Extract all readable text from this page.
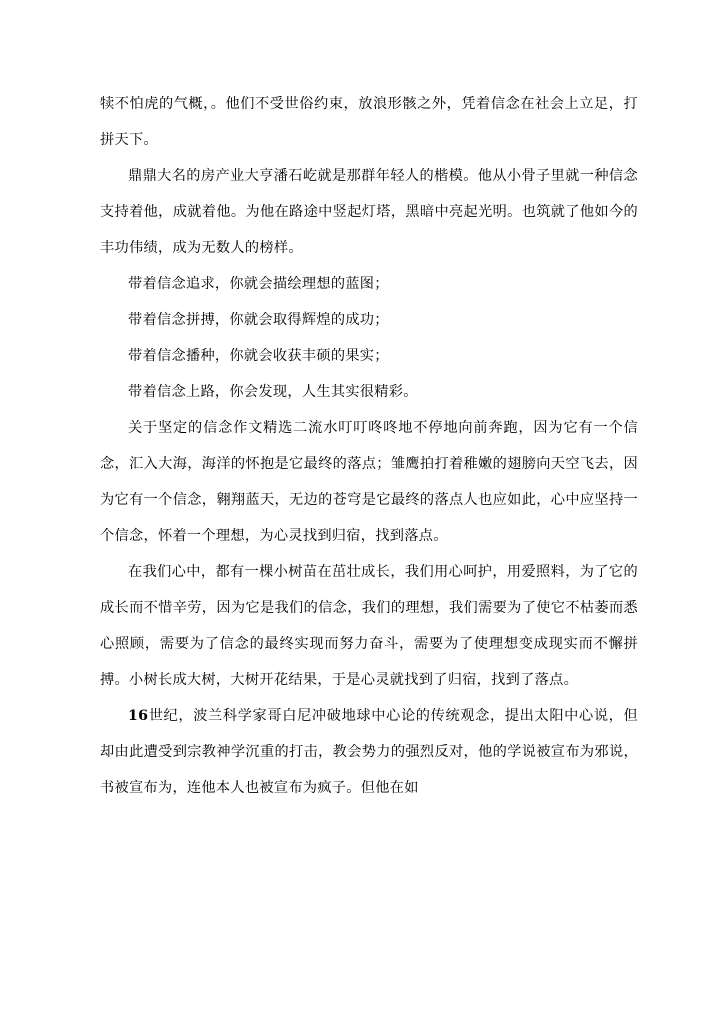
犊不怕虎的气概，。他们不受世俗约束，放浪形骸之外，凭着信念在社会上立足，打拼天下。

鼎鼎大名的房产业大亨潘石屹就是那群年轻人的楷模。他从小骨子里就一种信念支持着他，成就着他。为他在路途中竖起灯塔，黑暗中亮起光明。也筑就了他如今的丰功伟绩，成为无数人的榜样。

带着信念追求，你就会描绘理想的蓝图；

带着信念拼搏，你就会取得辉煌的成功；

带着信念播种，你就会收获丰硕的果实；

带着信念上路，你会发现，人生其实很精彩。

关于坚定的信念作文精选二流水叮叮咚咚地不停地向前奔跑，因为它有一个信念，汇入大海，海洋的怀抱是它最终的落点；雏鹰拍打着稚嫩的翅膀向天空飞去，因为它有一个信念，翱翔蓝天，无边的苍穹是它最终的落点人也应如此，心中应坚持一个信念，怀着一个理想，为心灵找到归宿，找到落点。

在我们心中，都有一棵小树苗在茁壮成长，我们用心呵护，用爱照料，为了它的成长而不惜辛劳，因为它是我们的信念，我们的理想，我们需要为了使它不枯萎而悉心照顾，需要为了信念的最终实现而努力奋斗，需要为了使理想变成现实而不懈拼搏。小树长成大树，大树开花结果，于是心灵就找到了归宿，找到了落点。

16世纪，波兰科学家哥白尼冲破地球中心论的传统观念，提出太阳中心说，但却由此遭受到宗教神学沉重的打击，教会势力的强烈反对，他的学说被宣布为邪说，书被宣布为，连他本人也被宣布为疯子。但他在如
